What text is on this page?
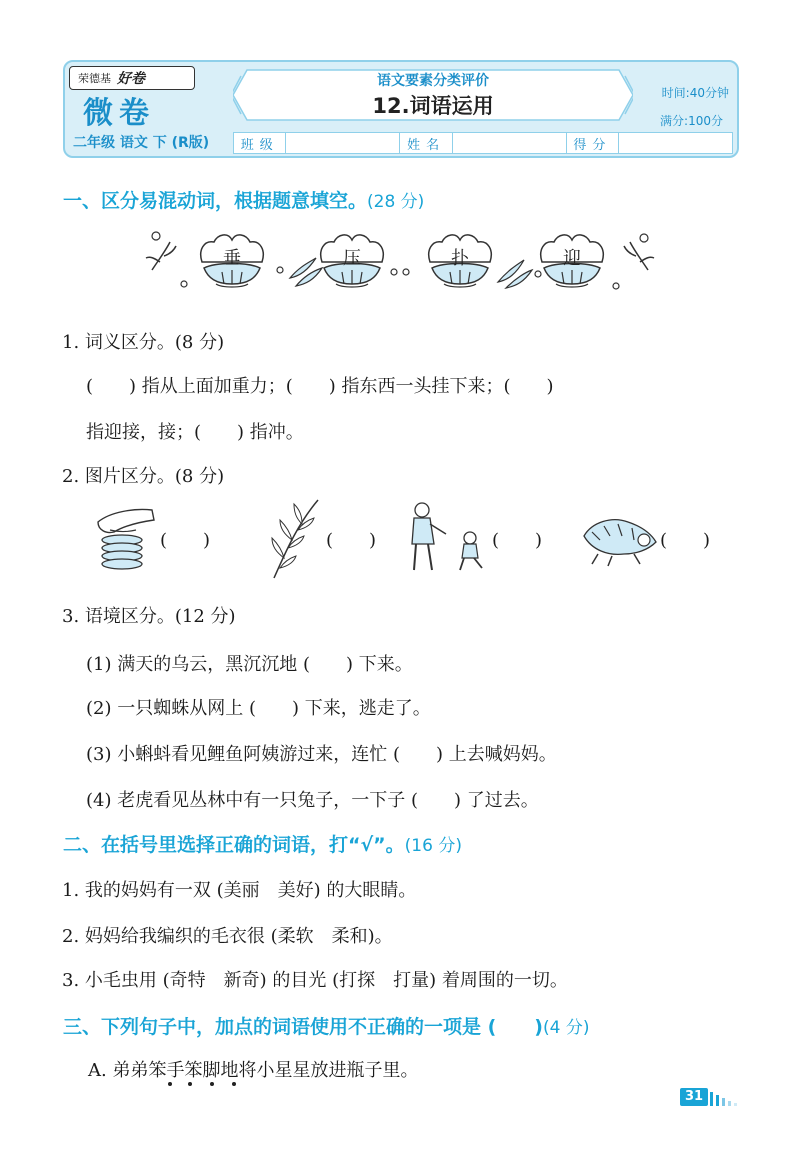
荣德基 好卷
微卷
二年级 语文 下 (R版)
语文要素分类评价
12.词语运用
时间:40分钟
满分:100分
班级	姓名	得分
一、区分易混动词，根据题意填空。(28 分)
垂	压	扑	迎
1. 词义区分。(8 分)
(　　) 指从上面加重力；(　　) 指东西一头挂下来；(　　)
指迎接，接；(　　) 指冲。
2. 图片区分。(8 分)
(　　)	(　　)	(　　)	(　　)
3. 语境区分。(12 分)
(1) 满天的乌云，黑沉沉地 (　　) 下来。
(2) 一只蜘蛛从网上 (　　) 下来，逃走了。
(3) 小蝌蚪看见鲤鱼阿姨游过来，连忙 (　　) 上去喊妈妈。
(4) 老虎看见丛林中有一只兔子，一下子 (　　) 了过去。
二、在括号里选择正确的词语，打“√”。(16 分)
1. 我的妈妈有一双 (美丽　美好) 的大眼睛。
2. 妈妈给我编织的毛衣很 (柔软　柔和)。
3. 小毛虫用 (奇特　新奇) 的目光 (打探　打量) 着周围的一切。
三、下列句子中，加点的词语使用不正确的一项是 (　　)(4 分)
A. 弟弟笨手笨脚地将小星星放进瓶子里。
31
